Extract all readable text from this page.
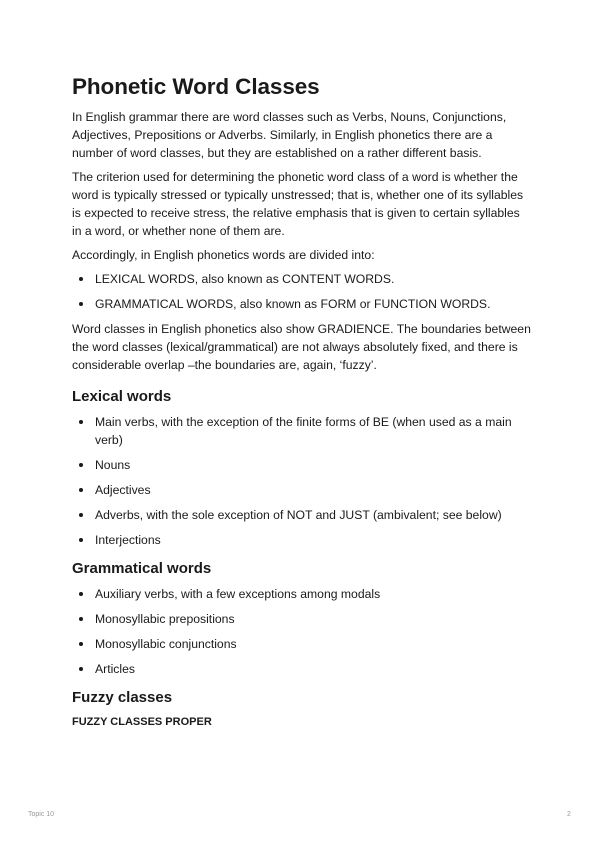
Phonetic Word Classes

In English grammar there are word classes such as Verbs, Nouns, Conjunctions, Adjectives, Prepositions or Adverbs. Similarly, in English phonetics there are a number of word classes, but they are established on a rather different basis.

The criterion used for determining the phonetic word class of a word is whether the word is typically stressed or typically unstressed; that is, whether one of its syllables is expected to receive stress, the relative emphasis that is given to certain syllables in a word, or whether none of them are.

Accordingly, in English phonetics words are divided into:

LEXICAL WORDS, also known as CONTENT WORDS.
GRAMMATICAL WORDS, also known as FORM or FUNCTION WORDS.

Word classes in English phonetics also show GRADIENCE. The boundaries between the word classes (lexical/grammatical) are not always absolutely fixed, and there is considerable overlap –the boundaries are, again, ‘fuzzy’.

Lexical words
Main verbs, with the exception of the finite forms of BE (when used as a main verb)
Nouns
Adjectives
Adverbs, with the sole exception of NOT and JUST (ambivalent; see below)
Interjections
Grammatical words
Auxiliary verbs, with a few exceptions among modals
Monosyllabic prepositions
Monosyllabic conjunctions
Articles
Fuzzy classes

FUZZY CLASSES PROPER

Topic 10	2
